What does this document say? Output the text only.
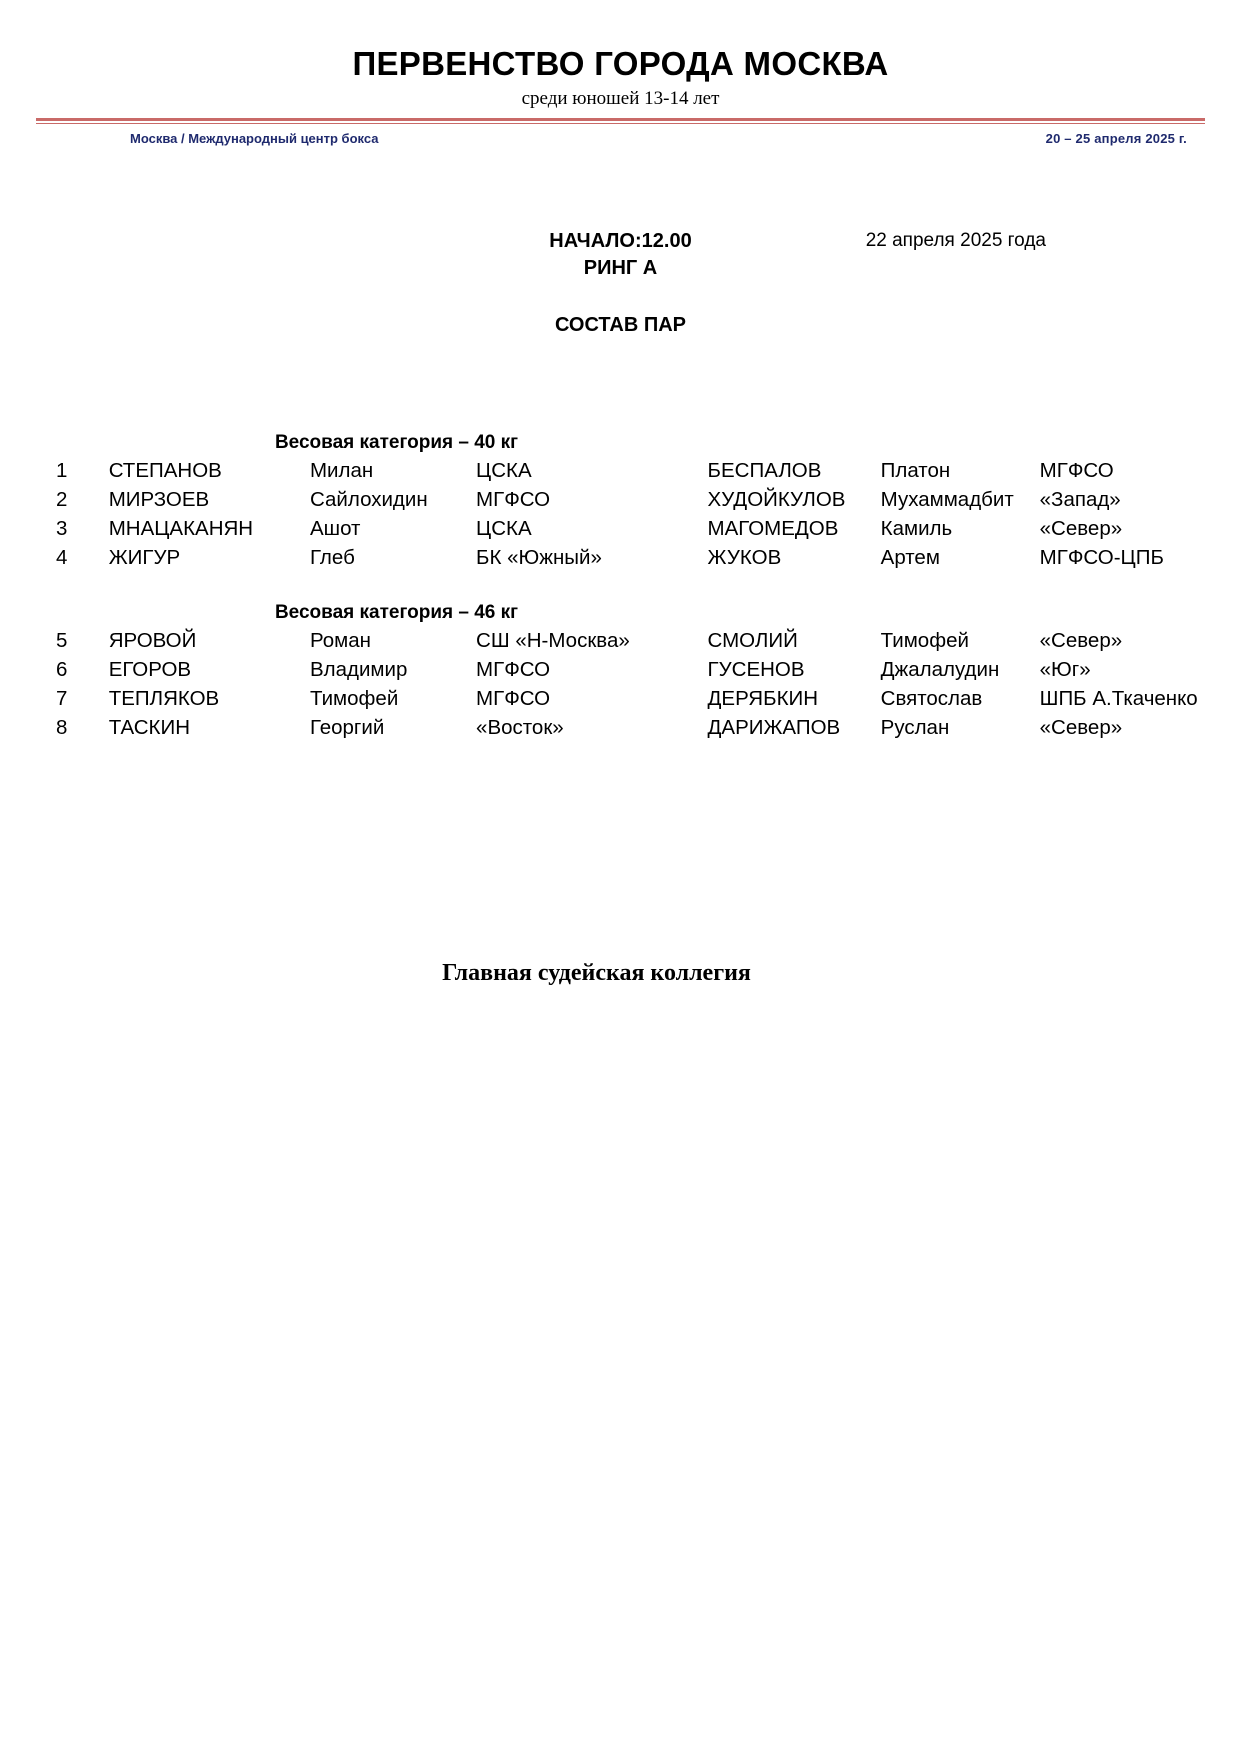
ПЕРВЕНСТВО ГОРОДА МОСКВА
среди юношей 13-14 лет
Москва / Международный центр бокса	20 – 25 апреля 2025 г.
НАЧАЛО:12.00
РИНГ А
22 апреля 2025 года
СОСТАВ ПАР
Весовая категория – 40 кг
1	СТЕПАНОВ	Милан	ЦСКА	БЕСПАЛОВ	Платон	МГФСО
2	МИРЗОЕВ	Сайлохидин	МГФСО	ХУДОЙКУЛОВ	Мухаммадбит	«Запад»
3	МНАЦАКАНЯН	Ашот	ЦСКА	МАГОМЕДОВ	Камиль	«Север»
4	ЖИГУР	Глеб	БК «Южный»	ЖУКОВ	Артем	МГФСО-ЦПБ
Весовая категория – 46 кг
5	ЯРОВОЙ	Роман	СШ «Н-Москва»	СМОЛИЙ	Тимофей	«Север»
6	ЕГОРОВ	Владимир	МГФСО	ГУСЕНОВ	Джалалудин	«Юг»
7	ТЕПЛЯКОВ	Тимофей	МГФСО	ДЕРЯБКИН	Святослав	ШПБ А.Ткаченко
8	ТАСКИН	Георгий	«Восток»	ДАРИЖАПОВ	Руслан	«Север»
Главная судейская коллегия
